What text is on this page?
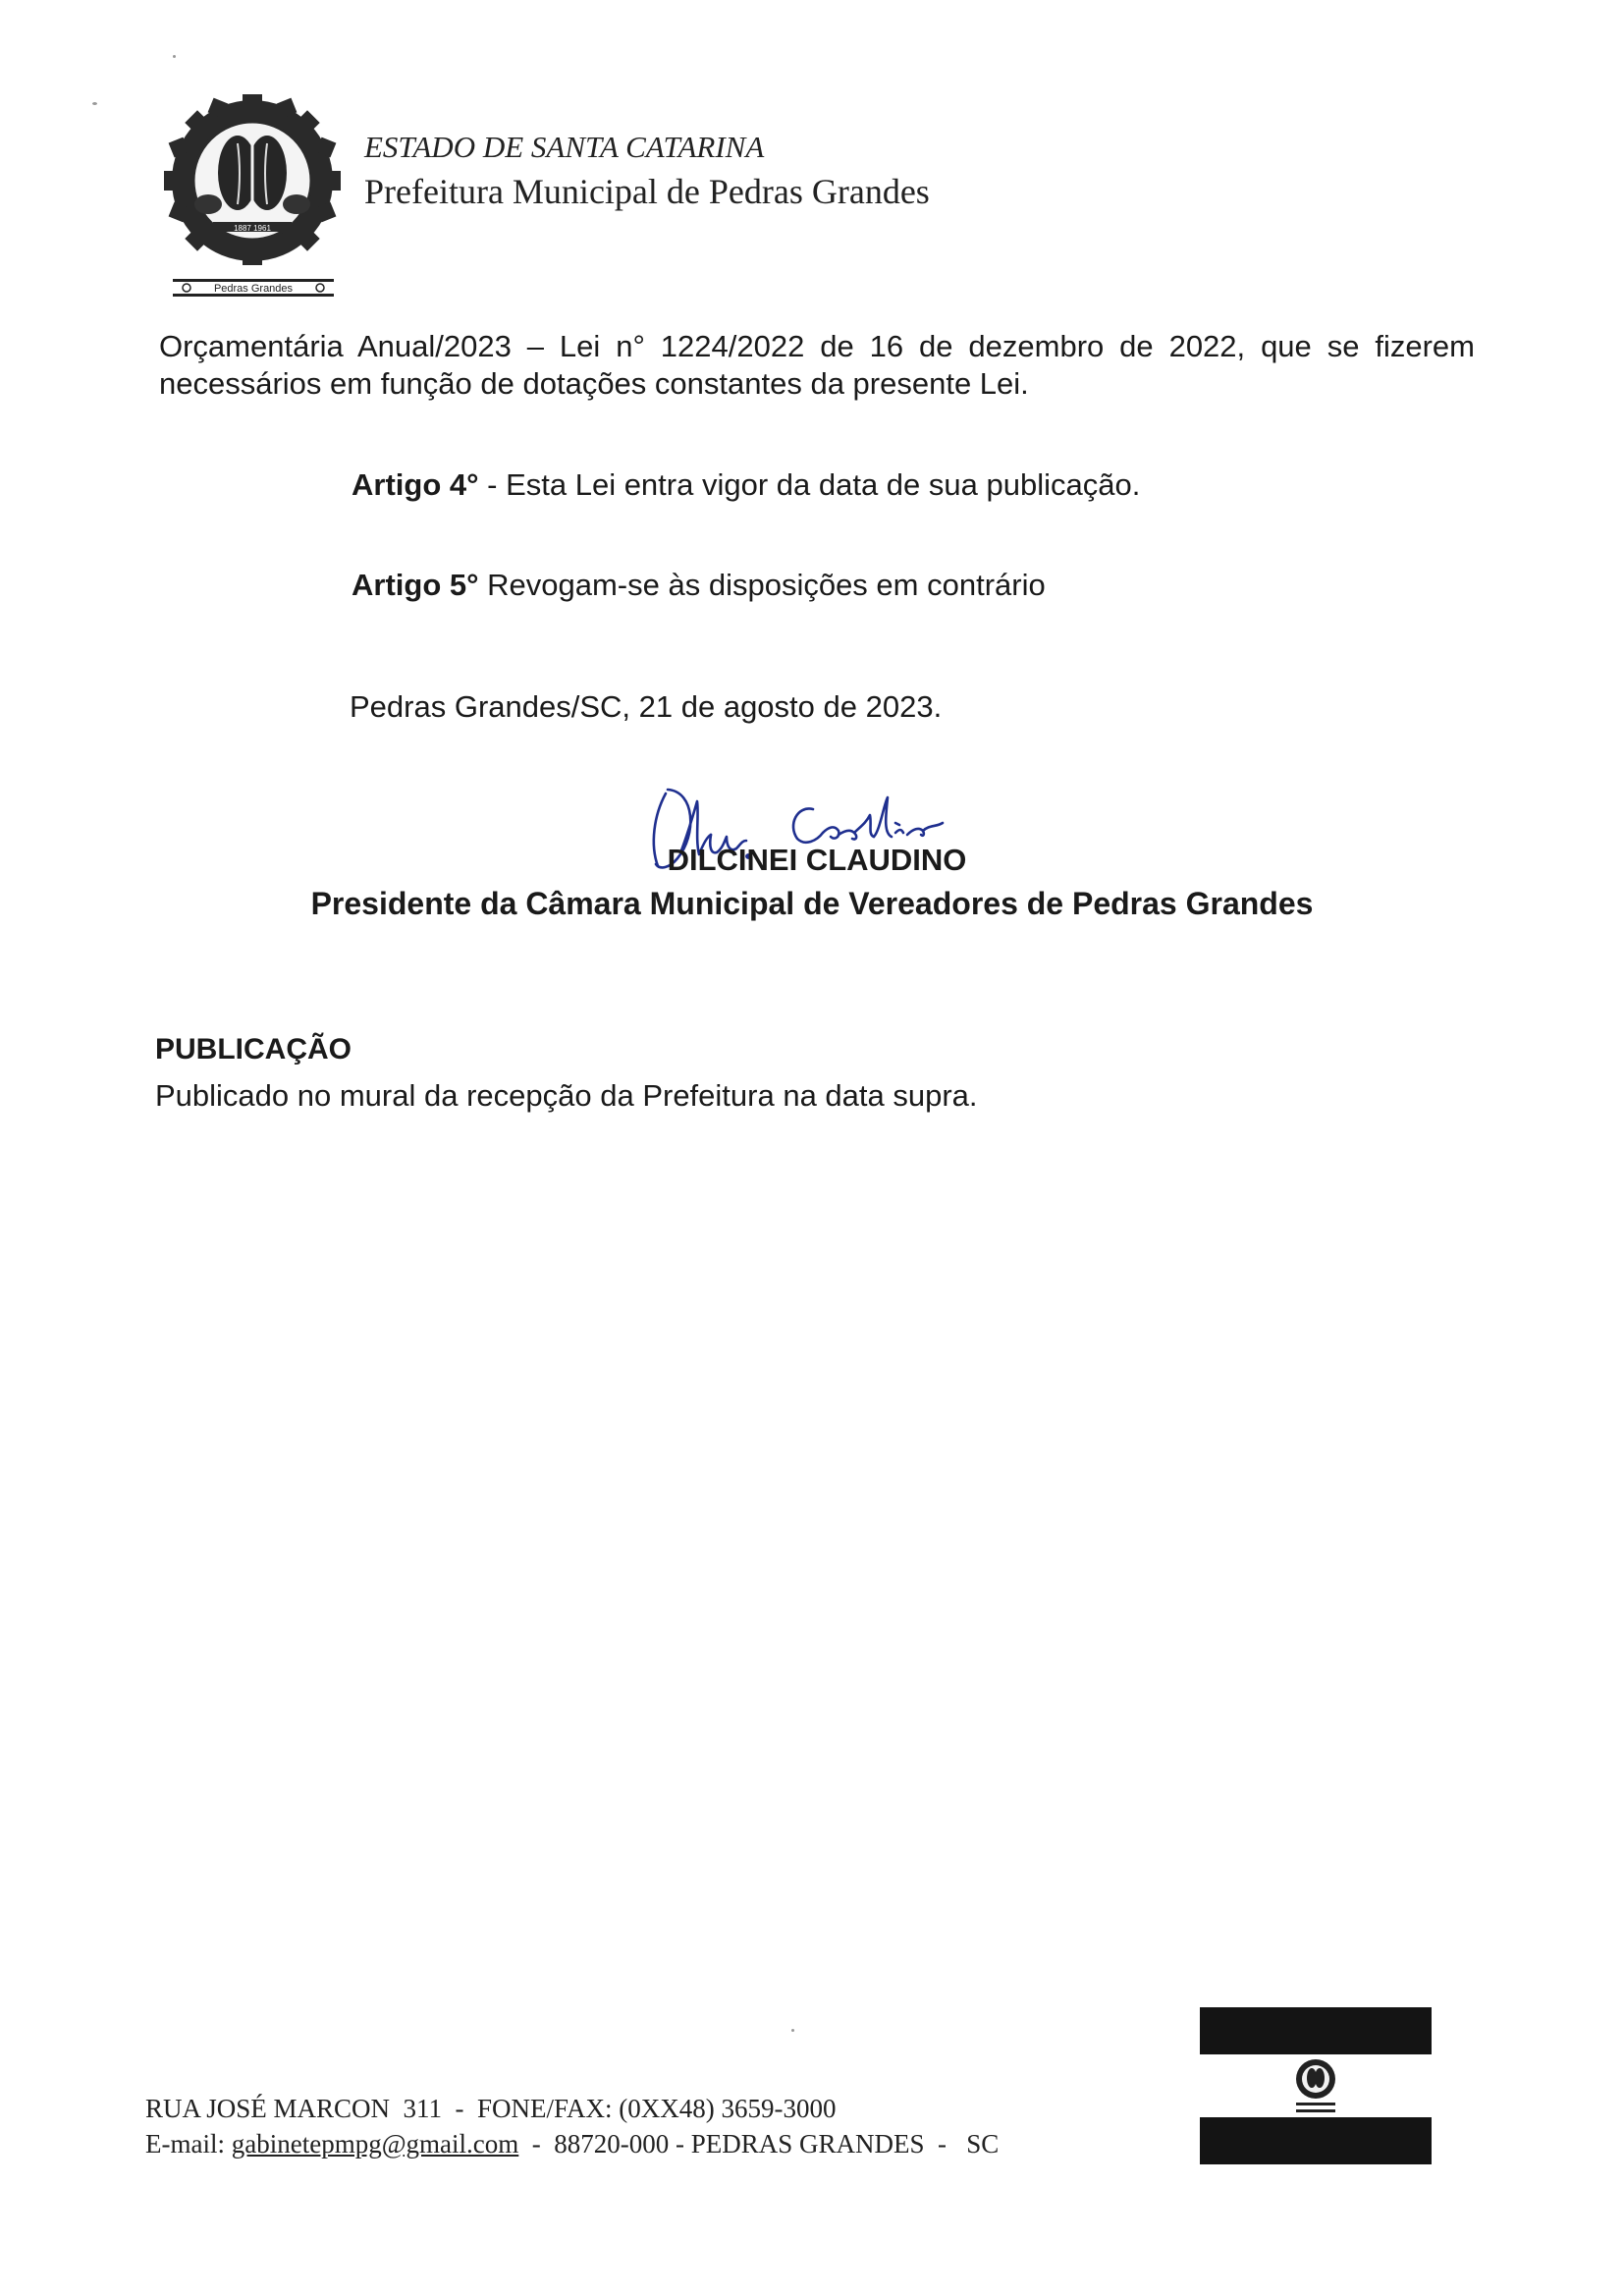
1887 1961
Pedras Grandes
ESTADO DE SANTA CATARINA
Prefeitura Municipal de Pedras Grandes
Orçamentária Anual/2023 – Lei n° 1224/2022 de 16 de dezembro de 2022, que se fizerem
necessários em função de dotações constantes da presente Lei.
Artigo 4° - Esta Lei entra vigor da data de sua publicação.
Artigo 5° Revogam-se às disposições em contrário
Pedras Grandes/SC, 21 de agosto de 2023.
DILCINEI CLAUDINO
Presidente da Câmara Municipal de Vereadores de Pedras Grandes
PUBLICAÇÃO
Publicado no mural da recepção da Prefeitura na data supra.
RUA JOSÉ MARCON  311  -  FONE/FAX: (0XX48) 3659-3000
E-mail: gabinetepmpg@gmail.com  -  88720-000 - PEDRAS GRANDES  -   SC
